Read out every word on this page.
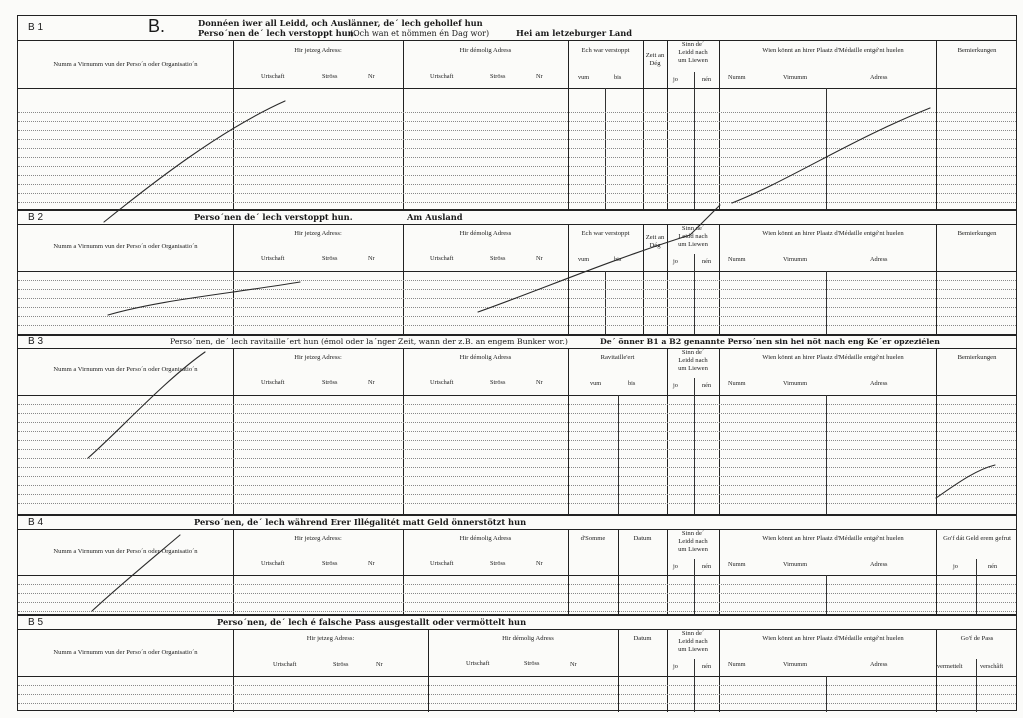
B.
B 1	Donnéen iwer all Leidd, och Auslänner, de´ lech gehollef hun
Perso´nen de´ lech verstoppt hun.
(Och wan et nömmen én Dag wor)	Hei am letzeburger Land
Numm a Virnumm vun der Perso´n oder Organisatio´n
Hir jetzeg Adress:
Urtschaft	Ströss	Nr
Hir démolig Adress
Urtschaft	Ströss	Nr
Ech war verstoppt
vum	bis
Zeit an Dég
Sinn de´
Leidd nach
um Liewen
jo	nén
Wien könnt an hirer Plaatz d'Médaille entgé'nt huelen
Numm	Virnumm	Adress
Bemierkungen
B 2	Perso´nen de´ lech verstoppt hun.	Am Ausland
Numm a Virnumm vun der Perso´n oder Organisatio´n
Hir jetzeg Adress:
Urtschaft	Ströss	Nr
Hir démolig Adress
Urtschaft	Ströss	Nr
Ech war verstoppt
vum	bis
Zeit an Dég
Sinn de´
Leidd nach
um Liewen
jo	nén
Wien könnt an hirer Plaatz d'Médaille entgé'nt huelen
Numm	Virnumm	Adress
Bemierkungen
B 3	Perso´nen, de´ lech ravitaille´ert hun (émol oder la´nger Zeit, wann der z.B. an engem Bunker wor.)	De´ önner B1 a B2 genannte Perso´nen sin hei nöt nach eng Ke´er opzeziélen
Numm a Virnumm vun der Perso´n oder Organisatio´n
Hir jetzeg Adress:
Urtschaft	Ströss	Nr
Hir démolig Adress
Urtschaft	Ströss	Nr
Ravitaille'ert
vum	bis
Sinn de´
Leidd nach
um Liewen
jo	nén
Wien könnt an hirer Plaatz d'Médaille entgé'nt huelen
Numm	Virnumm	Adress
Bemierkungen
B 4	Perso´nen, de´ lech während Erer Illégalitét matt Geld önnerstötzt hun
Numm a Virnumm vun der Perso´n oder Organisatio´n
Hir jetzeg Adress:
Urtschaft	Ströss	Nr
Hir démolig Adress
Urtschaft	Ströss	Nr
d'Somme	Datum
Sinn de´
Leidd nach
um Liewen
jo	nén
Wien könnt an hirer Plaatz d'Médaille entgé'nt huelen
Numm	Virnumm	Adress
Go'f dát Geld erem gefrut
jo	nén
B 5	Perso´nen, de´ lech é falsche Pass ausgestallt oder vermöttelt hun
Numm a Virnumm vun der Perso´n oder Organisatio´n
Hir jetzeg Adress:
Urtschaft	Ströss	Nr
Hir démolig Adress
Urtschaft	Ströss	Nr
Datum
Sinn de´
Leidd nach
um Liewen
jo	nén
Wien könnt an hirer Plaatz d'Médaille entgé'nt huelen
Numm	Virnumm	Adress
Go'f de Pass
vermettelt	verschâft
